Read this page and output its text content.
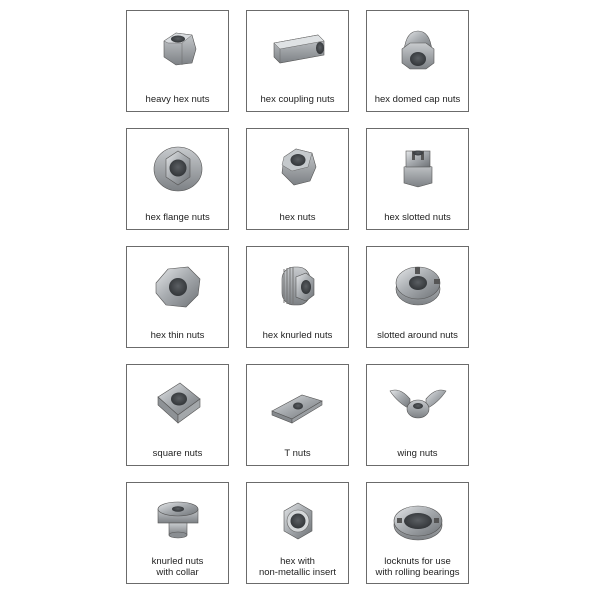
heavy hex nuts	hex coupling nuts	hex domed cap nuts
hex flange nuts	hex nuts	hex slotted nuts
hex thin nuts	hex knurled nuts	slotted around nuts
square nuts	T nuts	wing nuts
knurled nuts
with collar
hex with
non-metallic insert
locknuts for use
with rolling bearings
